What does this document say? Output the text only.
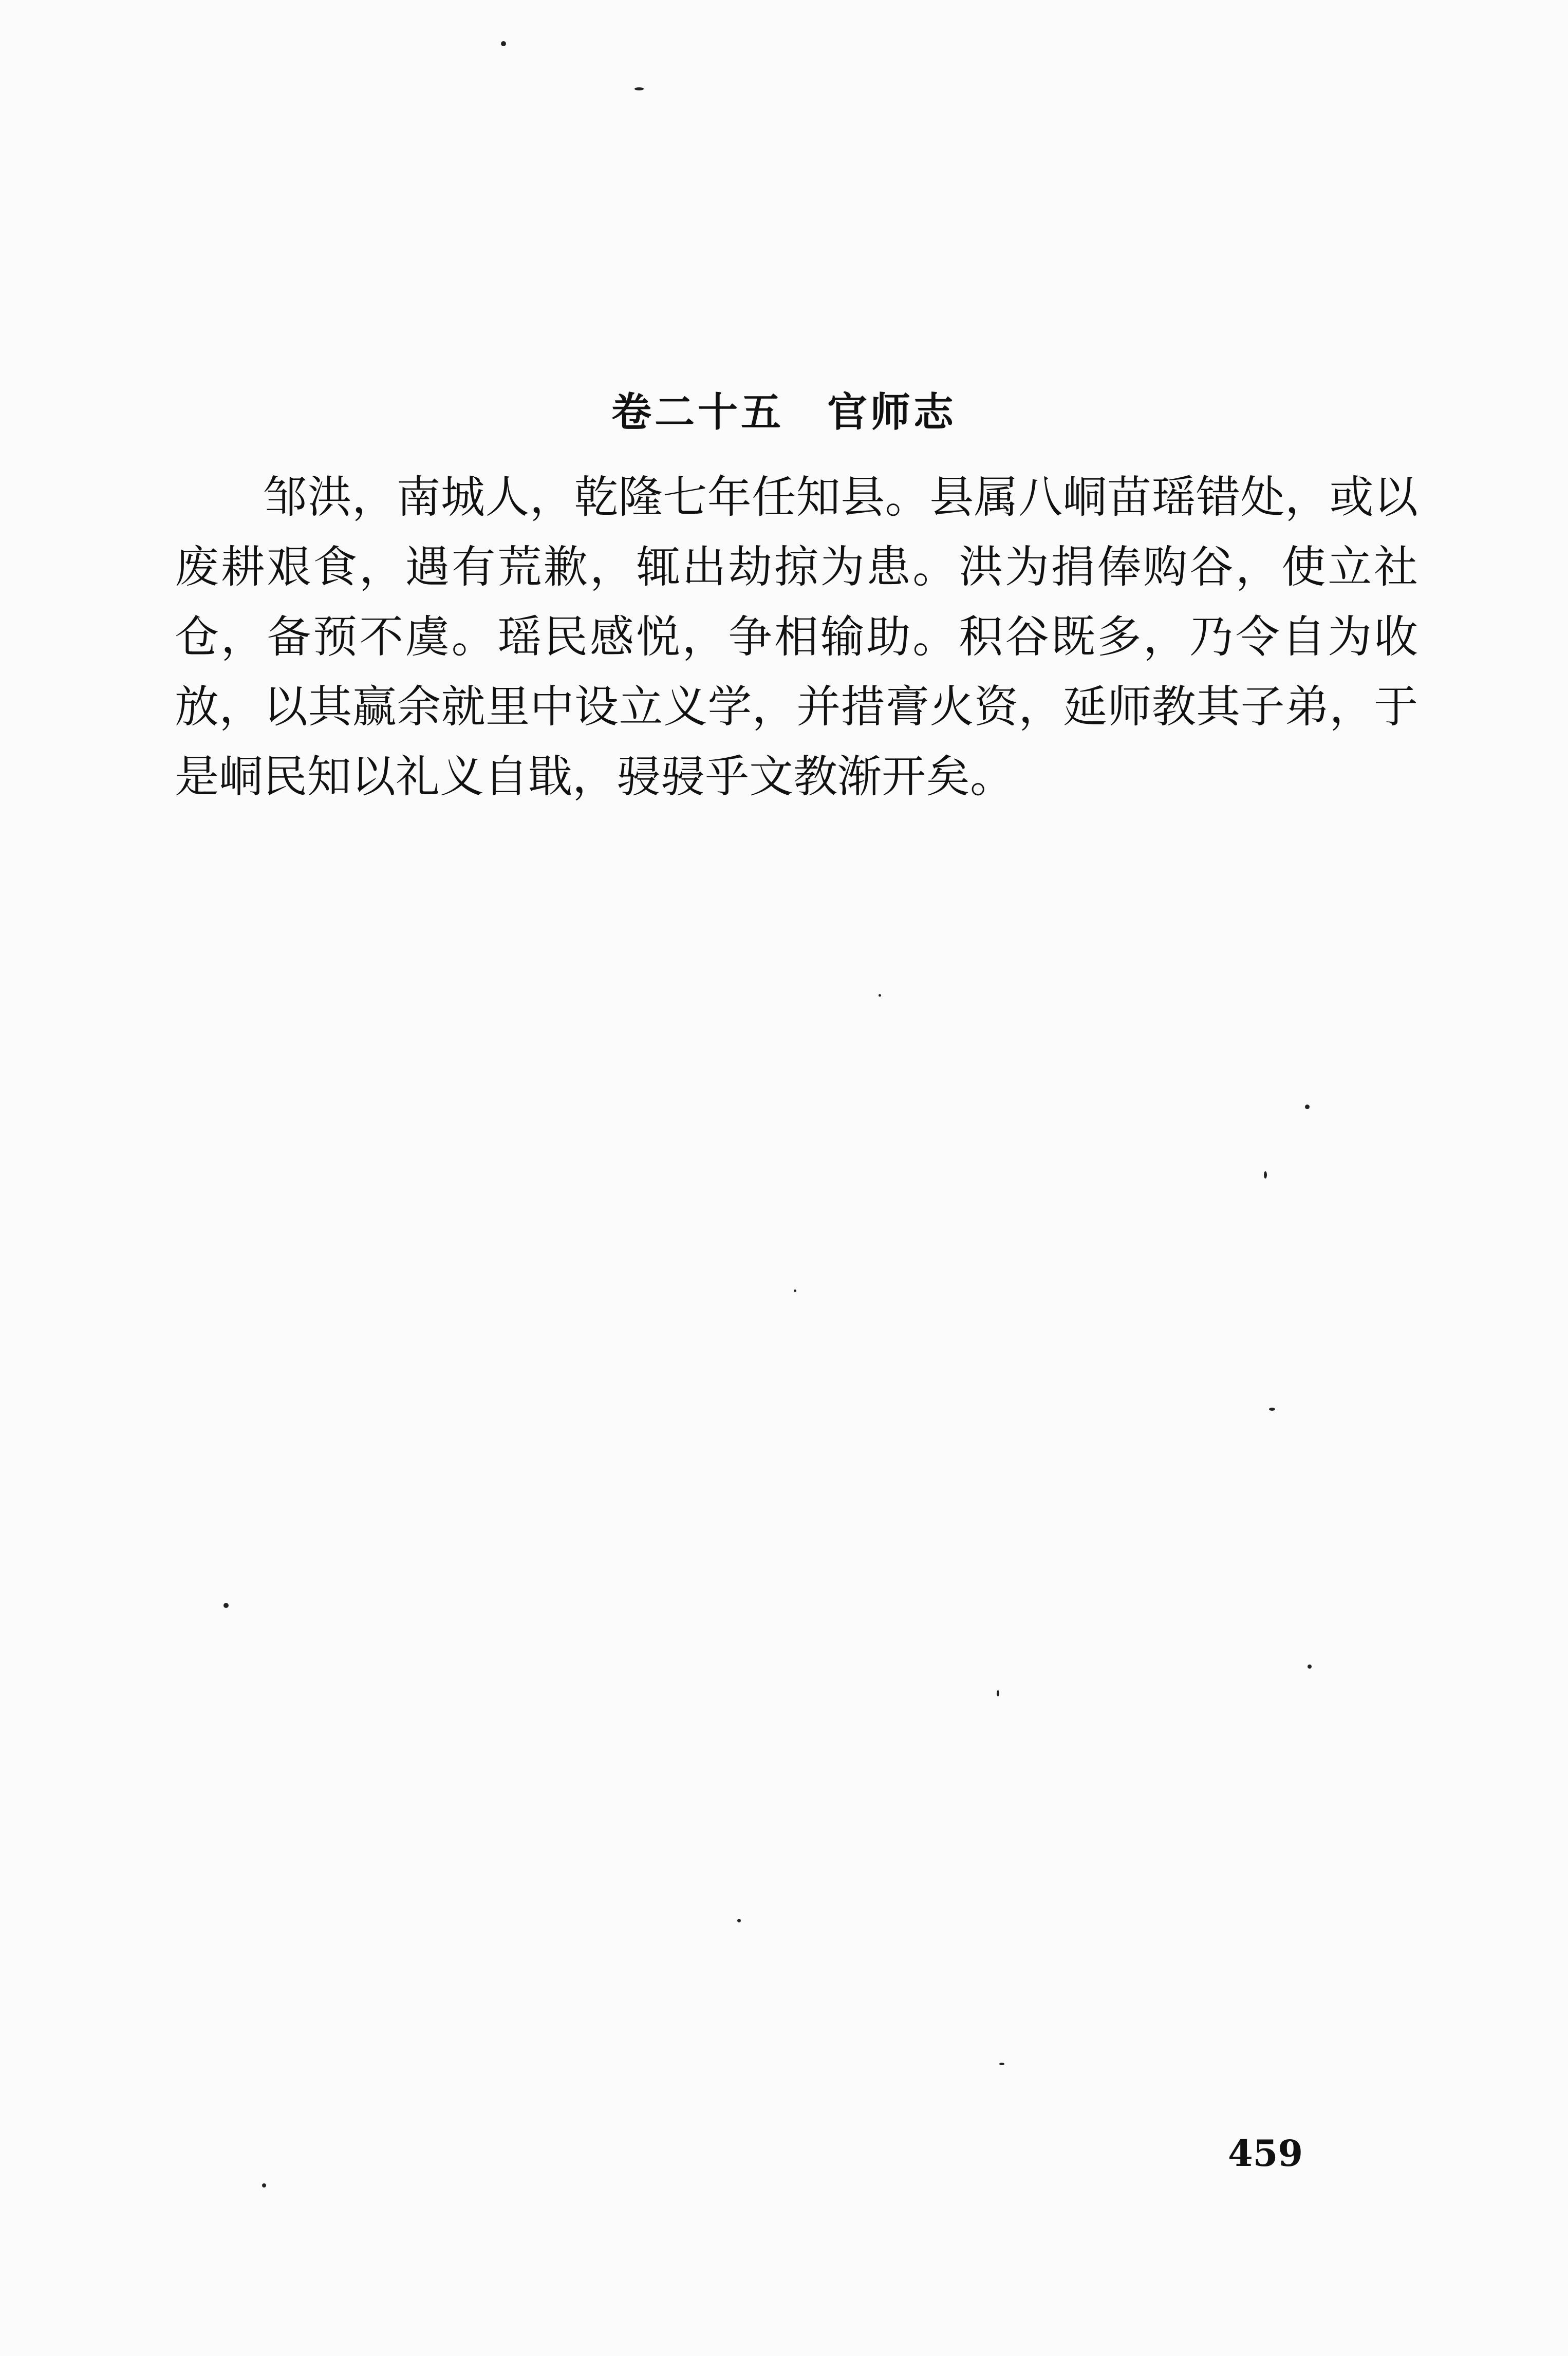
卷二十五　官师志

邹洪，南城人，乾隆七年任知县。县属八峒苗瑶错处，或以废耕艰食，遇有荒歉，辄出劫掠为患。洪为捐俸购谷，使立社仓，备预不虞。瑶民感悦，争相输助。积谷既多，乃令自为收放，以其赢余就里中设立义学，并措膏火资，延师教其子弟，于是峒民知以礼义自戢，骎骎乎文教渐开矣。

459
